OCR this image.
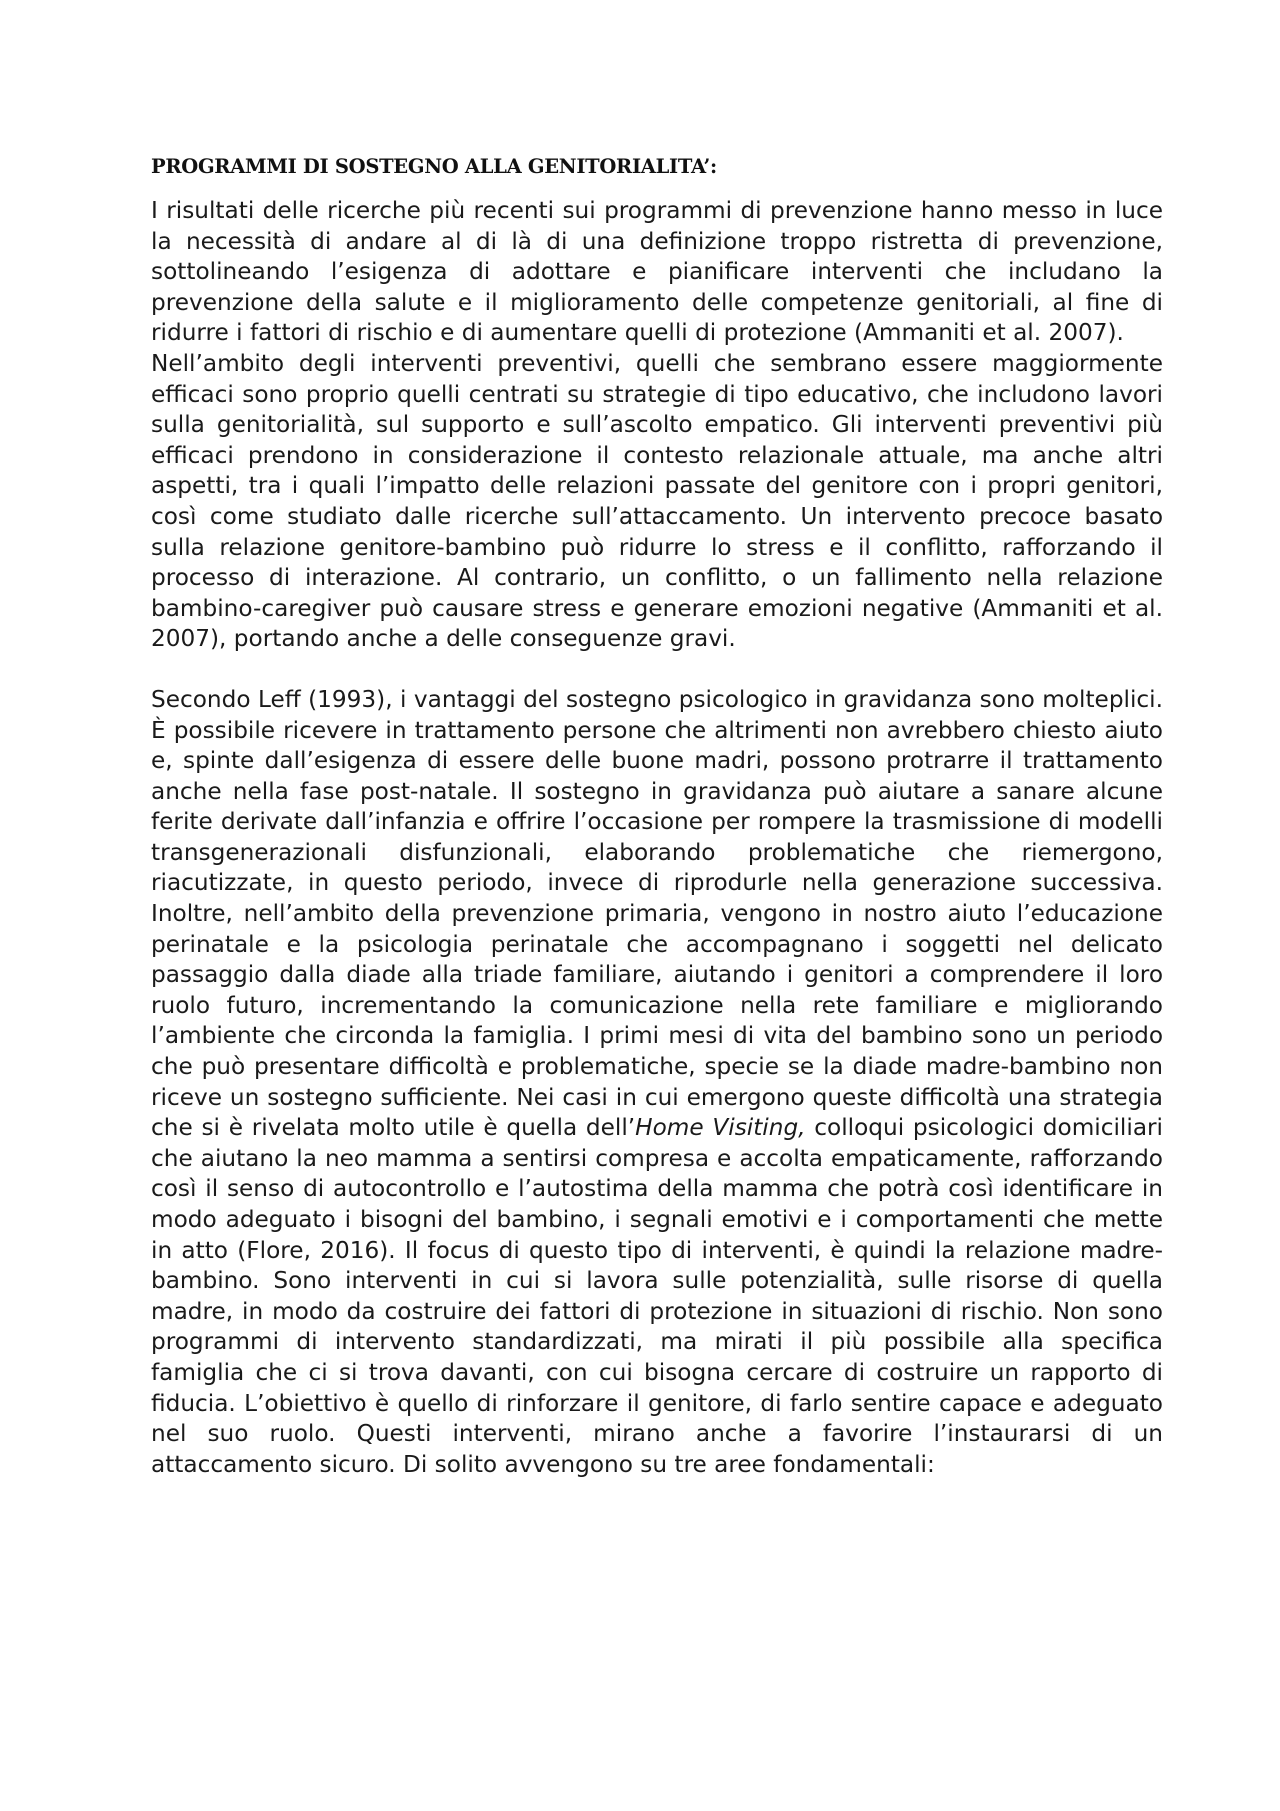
PROGRAMMI DI SOSTEGNO ALLA GENITORIALITA’:

I risultati delle ricerche più recenti sui programmi di prevenzione hanno messo in luce la necessità di andare al di là di una definizione troppo ristretta di prevenzione, sottolineando l’esigenza di adottare e pianificare interventi che includano la prevenzione della salute e il miglioramento delle competenze genitoriali, al fine di ridurre i fattori di rischio e di aumentare quelli di protezione (Ammaniti et al. 2007).

Nell’ambito degli interventi preventivi, quelli che sembrano essere maggiormente efficaci sono proprio quelli centrati su strategie di tipo educativo, che includono lavori sulla genitorialità, sul supporto e sull’ascolto empatico. Gli interventi preventivi più efficaci prendono in considerazione il contesto relazionale attuale, ma anche altri aspetti, tra i quali l’impatto delle relazioni passate del genitore con i propri genitori, così come studiato dalle ricerche sull’attaccamento. Un intervento precoce basato sulla relazione genitore-bambino può ridurre lo stress e il conflitto, rafforzando il processo di interazione. Al contrario, un conflitto, o un fallimento nella relazione bambino-caregiver può causare stress e generare emozioni negative (Ammaniti et al. 2007), portando anche a delle conseguenze gravi.

Secondo Leff (1993), i vantaggi del sostegno psicologico in gravidanza sono molteplici. È possibile ricevere in trattamento persone che altrimenti non avrebbero chiesto aiuto e, spinte dall’esigenza di essere delle buone madri, possono protrarre il trattamento anche nella fase post-natale. Il sostegno in gravidanza può aiutare a sanare alcune ferite derivate dall’infanzia e offrire l’occasione per rompere la trasmissione di modelli transgenerazionali disfunzionali, elaborando problematiche che riemergono, riacutizzate, in questo periodo, invece di riprodurle nella generazione successiva. Inoltre, nell’ambito della prevenzione primaria, vengono in nostro aiuto l’educazione perinatale e la psicologia perinatale che accompagnano i soggetti nel delicato passaggio dalla diade alla triade familiare, aiutando i genitori a comprendere il loro ruolo futuro, incrementando la comunicazione nella rete familiare e migliorando l’ambiente che circonda la famiglia. I primi mesi di vita del bambino sono un periodo che può presentare difficoltà e problematiche, specie se la diade madre-bambino non riceve un sostegno sufficiente. Nei casi in cui emergono queste difficoltà una strategia che si è rivelata molto utile è quella dell’Home Visiting, colloqui psicologici domiciliari che aiutano la neo mamma a sentirsi compresa e accolta empaticamente, rafforzando così il senso di autocontrollo e l’autostima della mamma che potrà così identificare in modo adeguato i bisogni del bambino, i segnali emotivi e i comportamenti che mette in atto (Flore, 2016). Il focus di questo tipo di interventi, è quindi la relazione madre-bambino. Sono interventi in cui si lavora sulle potenzialità, sulle risorse di quella madre, in modo da costruire dei fattori di protezione in situazioni di rischio. Non sono programmi di intervento standardizzati, ma mirati il più possibile alla specifica famiglia che ci si trova davanti, con cui bisogna cercare di costruire un rapporto di fiducia. L’obiettivo è quello di rinforzare il genitore, di farlo sentire capace e adeguato nel suo ruolo. Questi interventi, mirano anche a favorire l’instaurarsi di un attaccamento sicuro. Di solito avvengono su tre aree fondamentali:
